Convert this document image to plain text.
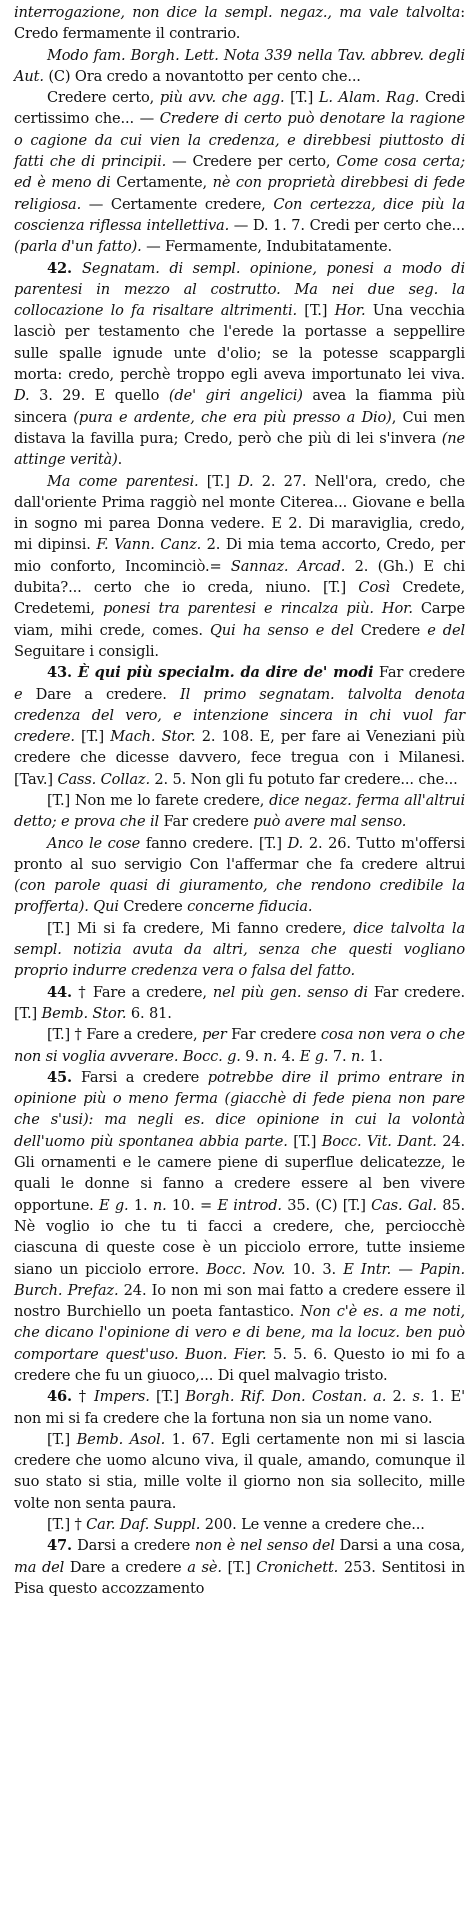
interrogazione, non dice la sempl. negaz., ma vale talvolta: Credo fermamente il contrario.

Modo fam. Borgh. Lett. Nota 339 nella Tav. abbrev. degli Aut. (C) Ora credo a novantotto per cento che...

Credere certo, più avv. che agg. [T.] L. Alam. Rag. Credi certissimo che... — Credere di certo può denotare la ragione o cagione da cui vien la credenza, e direbbesi piuttosto di fatti che di principii. — Credere per certo, Come cosa certa; ed è meno di Certamente, nè con proprietà direbbesi di fede religiosa. — Certamente credere, Con certezza, dice più la coscienza riflessa intellettiva. — D. 1. 7. Credi per certo che... (parla d'un fatto). — Fermamente, Indubitatamente.

42. Segnatam. di sempl. opinione, ponesi a modo di parentesi in mezzo al costrutto. Ma nei due seg. la collocazione lo fa risaltare altrimenti. [T.] Hor. Una vecchia lasciò per testamento che l'erede la portasse a seppellire sulle spalle ignude unte d'olio; se la potesse scappargli morta: credo, perchè troppo egli aveva importunato lei viva. D. 3. 29. E quello (de' giri angelici) avea la fiamma più sincera (pura e ardente, che era più presso a Dio), Cui men distava la favilla pura; Credo, però che più di lei s'invera (ne attinge verità).

Ma come parentesi. [T.] D. 2. 27. Nell'ora, credo, che dall'oriente Prima raggiò nel monte Citerea... Giovane e bella in sogno mi parea Donna vedere. E 2. Di maraviglia, credo, mi dipinsi. F. Vann. Canz. 2. Di mia tema accorto, Credo, per mio conforto, Incominciò.= Sannaz. Arcad. 2. (Gh.) E chi dubita?... certo che io creda, niuno. [T.] Così Credete, Credetemi, ponesi tra parentesi e rincalza più. Hor. Carpe viam, mihi crede, comes. Qui ha senso e del Credere e del Seguitare i consigli.

43. È qui più specialm. da dire de' modi Far credere e Dare a credere. Il primo segnatam. talvolta denota credenza del vero, e intenzione sincera in chi vuol far credere. [T.] Mach. Stor. 2. 108. E, per fare ai Veneziani più credere che dicesse davvero, fece tregua con i Milanesi. [Tav.] Cass. Collaz. 2. 5. Non gli fu potuto far credere... che...

[T.] Non me lo farete credere, dice negaz. ferma all'altrui detto; e prova che il Far credere può avere mal senso.

Anco le cose fanno credere. [T.] D. 2. 26. Tutto m'offersi pronto al suo servigio Con l'affermar che fa credere altrui (con parole quasi di giuramento, che rendono credibile la profferta). Qui Credere concerne fiducia.

[T.] Mi si fa credere, Mi fanno credere, dice talvolta la sempl. notizia avuta da altri, senza che questi vogliano proprio indurre credenza vera o falsa del fatto.

44. † Fare a credere, nel più gen. senso di Far credere. [T.] Bemb. Stor. 6. 81.

[T.] † Fare a credere, per Far credere cosa non vera o che non si voglia avverare. Bocc. g. 9. n. 4. E g. 7. n. 1.

45. Farsi a credere potrebbe dire il primo entrare in opinione più o meno ferma (giacchè di fede piena non pare che s'usi): ma negli es. dice opinione in cui la volontà dell'uomo più spontanea abbia parte. [T.] Bocc. Vit. Dant. 24. Gli ornamenti e le camere piene di superflue delicatezze, le quali le donne si fanno a credere essere al ben vivere opportune. E g. 1. n. 10. = E introd. 35. (C) [T.] Cas. Gal. 85. Nè voglio io che tu ti facci a credere, che, perciocchè ciascuna di queste cose è un picciolo errore, tutte insieme siano un picciolo errore. Bocc. Nov. 10. 3. E Intr. — Papin. Burch. Prefaz. 24. Io non mi son mai fatto a credere essere il nostro Burchiello un poeta fantastico. Non c'è es. a me noti, che dicano l'opinione di vero e di bene, ma la locuz. ben può comportare quest'uso. Buon. Fier. 5. 5. 6. Questo io mi fo a credere che fu un giuoco,... Di quel malvagio tristo.

46. † Impers. [T.] Borgh. Rif. Don. Costan. a. 2. s. 1. E' non mi si fa credere che la fortuna non sia un nome vano.

[T.] Bemb. Asol. 1. 67. Egli certamente non mi si lascia credere che uomo alcuno viva, il quale, amando, comunque il suo stato si stia, mille volte il giorno non sia sollecito, mille volte non senta paura.

[T.] † Car. Daf. Suppl. 200. Le venne a credere che...

47. Darsi a credere non è nel senso del Darsi a una cosa, ma del Dare a credere a sè. [T.] Cronichett. 253. Sentitosi in Pisa questo accozzamento
